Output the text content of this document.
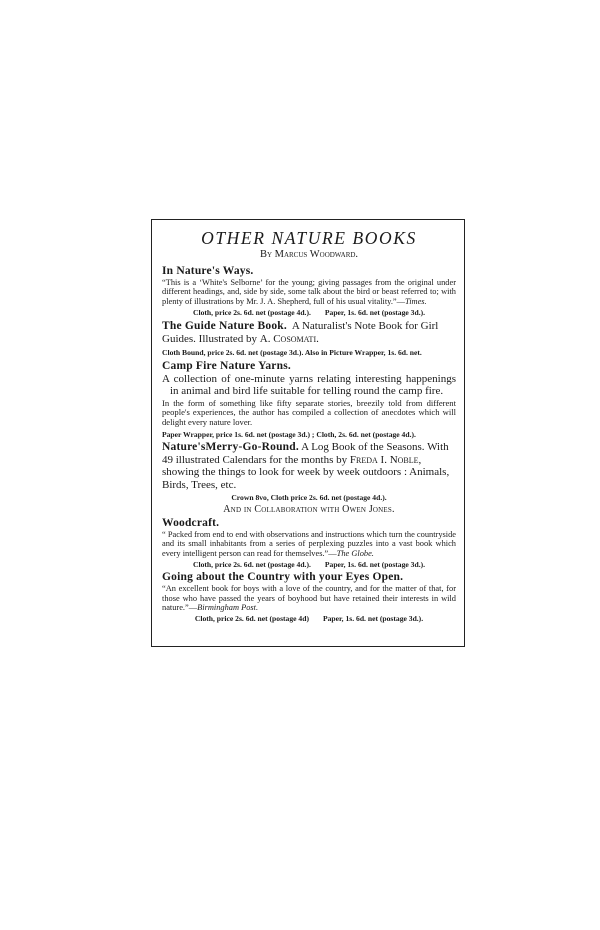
OTHER NATURE BOOKS
By Marcus Woodward.
In Nature's Ways.
“This is a ‘White's Selborne’ for the young; giving passages from the original under different headings, and, side by side, some talk about the bird or beast referred to; with plenty of illustrations by Mr. J. A. Shepherd, full of his usual vitality.”—Times.
Cloth, price 2s. 6d. net (postage 4d.). Paper, 1s. 6d. net (postage 3d.).
The Guide Nature Book. A Naturalist's Note Book for Girl Guides. Illustrated by A. Cosomati.
Cloth Bound, price 2s. 6d. net (postage 3d.). Also in Picture Wrapper, 1s. 6d. net.
Camp Fire Nature Yarns.
A collection of one-minute yarns relating interesting happenings in animal and bird life suitable for telling round the camp fire.
In the form of something like fifty separate stories, breezily told from different people's experiences, the author has compiled a collection of anecdotes which will delight every nature lover.
Paper Wrapper, price 1s. 6d. net (postage 3d.) ; Cloth, 2s. 6d. net (postage 4d.).
Nature'sMerry-Go-Round. A Log Book of the Seasons. With 49 illustrated Calendars for the months by Freda I. Noble, showing the things to look for week by week outdoors : Animals, Birds, Trees, etc.
Crown 8vo, Cloth price 2s. 6d. net (postage 4d.).
And in Collaboration with Owen Jones.
Woodcraft.
“ Packed from end to end with observations and instructions which turn the countryside and its small inhabitants from a series of perplexing puzzles into a vast book which every intelligent person can read for themselves.”—The Globe.
Cloth, price 2s. 6d. net (postage 4d.). Paper, 1s. 6d. net (postage 3d.).
Going about the Country with your Eyes Open.
“An excellent book for boys with a love of the country, and for the matter of that, for those who have passed the years of boyhood but have retained their interests in wild nature.”—Birmingham Post.
Cloth, price 2s. 6d. net (postage 4d) Paper, 1s. 6d. net (postage 3d.).
